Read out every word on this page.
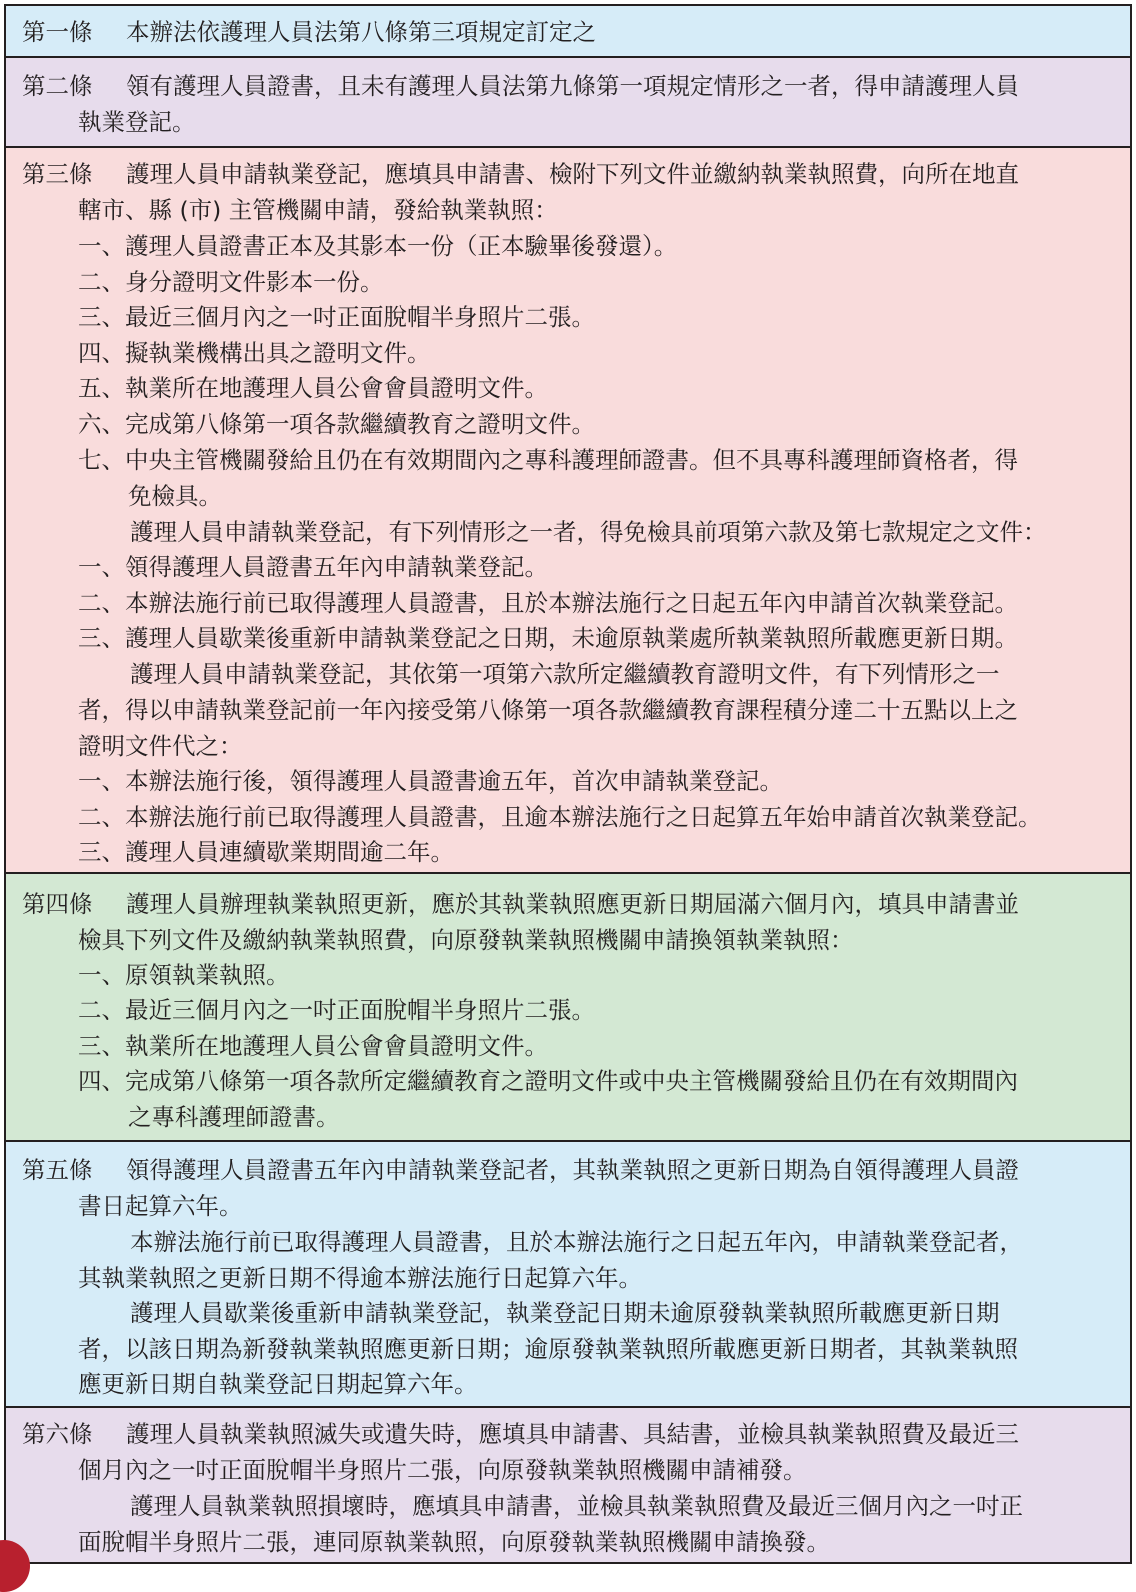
第一條 本辦法依護理人員法第八條第三項規定訂定之
第二條 領有護理人員證書，且未有護理人員法第九條第一項規定情形之一者，得申請護理人員
執業登記。
第三條 護理人員申請執業登記，應填具申請書、檢附下列文件並繳納執業執照費，向所在地直
轄市、縣 (市) 主管機關申請，發給執業執照：
一、護理人員證書正本及其影本一份（正本驗畢後發還）。
二、身分證明文件影本一份。
三、最近三個月內之一吋正面脫帽半身照片二張。
四、擬執業機構出具之證明文件。
五、執業所在地護理人員公會會員證明文件。
六、完成第八條第一項各款繼續教育之證明文件。
七、中央主管機關發給且仍在有效期間內之專科護理師證書。但不具專科護理師資格者，得
免檢具。
護理人員申請執業登記，有下列情形之一者，得免檢具前項第六款及第七款規定之文件：
一、領得護理人員證書五年內申請執業登記。
二、本辦法施行前已取得護理人員證書，且於本辦法施行之日起五年內申請首次執業登記。
三、護理人員歇業後重新申請執業登記之日期，未逾原執業處所執業執照所載應更新日期。
護理人員申請執業登記，其依第一項第六款所定繼續教育證明文件，有下列情形之一
者，得以申請執業登記前一年內接受第八條第一項各款繼續教育課程積分達二十五點以上之
證明文件代之：
一、本辦法施行後，領得護理人員證書逾五年，首次申請執業登記。
二、本辦法施行前已取得護理人員證書，且逾本辦法施行之日起算五年始申請首次執業登記。
三、護理人員連續歇業期間逾二年。
第四條 護理人員辦理執業執照更新，應於其執業執照應更新日期屆滿六個月內，填具申請書並
檢具下列文件及繳納執業執照費，向原發執業執照機關申請換領執業執照：
一、原領執業執照。
二、最近三個月內之一吋正面脫帽半身照片二張。
三、執業所在地護理人員公會會員證明文件。
四、完成第八條第一項各款所定繼續教育之證明文件或中央主管機關發給且仍在有效期間內
之專科護理師證書。
第五條 領得護理人員證書五年內申請執業登記者，其執業執照之更新日期為自領得護理人員證
書日起算六年。
本辦法施行前已取得護理人員證書，且於本辦法施行之日起五年內，申請執業登記者，
其執業執照之更新日期不得逾本辦法施行日起算六年。
護理人員歇業後重新申請執業登記，執業登記日期未逾原發執業執照所載應更新日期
者，以該日期為新發執業執照應更新日期；逾原發執業執照所載應更新日期者，其執業執照
應更新日期自執業登記日期起算六年。
第六條 護理人員執業執照滅失或遺失時，應填具申請書、具結書，並檢具執業執照費及最近三
個月內之一吋正面脫帽半身照片二張，向原發執業執照機關申請補發。
護理人員執業執照損壞時，應填具申請書，並檢具執業執照費及最近三個月內之一吋正
面脫帽半身照片二張，連同原執業執照，向原發執業執照機關申請換發。
